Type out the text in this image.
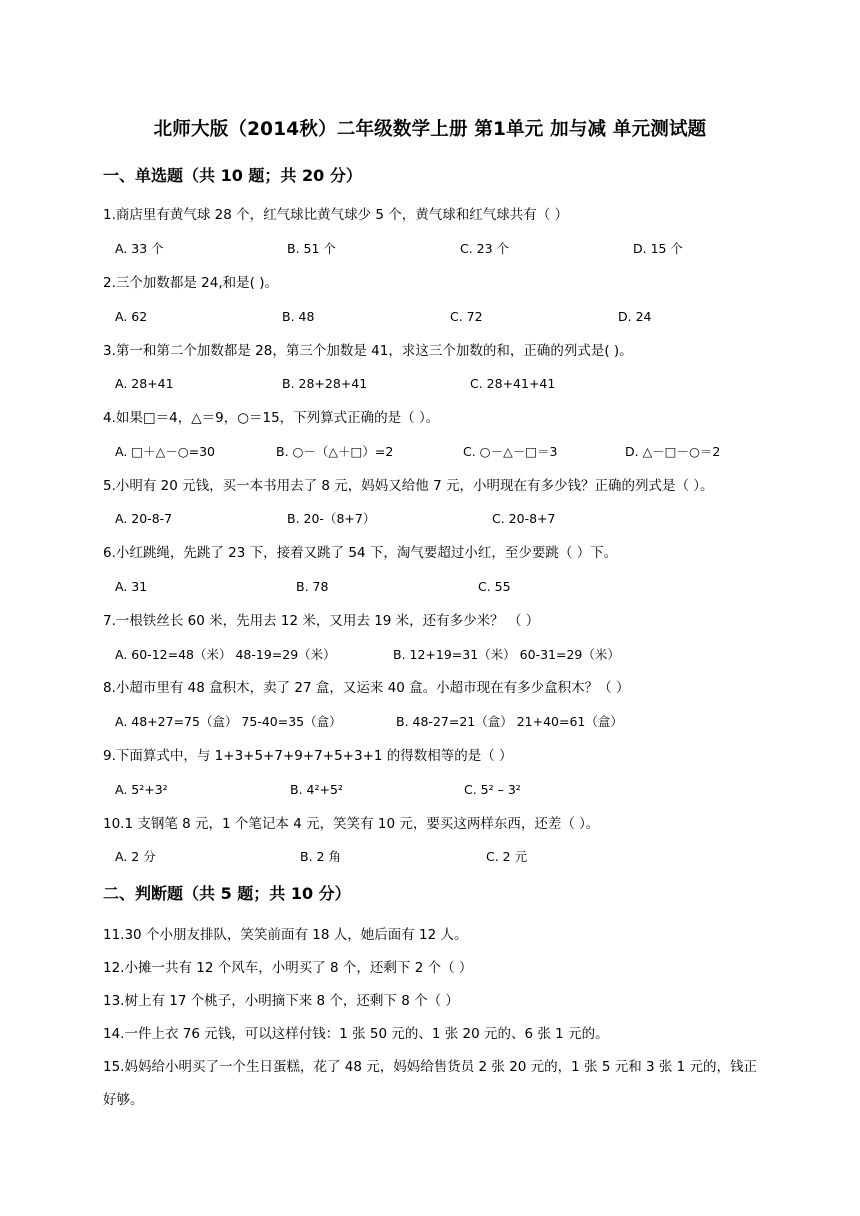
北师大版（2014秋）二年级数学上册 第1单元 加与减 单元测试题
一、单选题（共 10 题；共 20 分）
1.商店里有黄气球 28 个，红气球比黄气球少 5 个，黄气球和红气球共有（ ）
A. 33 个	B. 51 个	C. 23 个	D. 15 个
2.三个加数都是 24,和是( )。
A. 62	B. 48	C. 72	D. 24
3.第一和第二个加数都是 28，第三个加数是 41，求这三个加数的和，正确的列式是( )。
A. 28+41	B. 28+28+41	C. 28+41+41
4.如果□＝4，△＝9，○＝15，下列算式正确的是（ ）。
A. □＋△－○=30	B. ○－（△＋□）=2	C. ○－△－□＝3	D. △－□－○＝2
5.小明有 20 元钱，买一本书用去了 8 元，妈妈又给他 7 元，小明现在有多少钱？正确的列式是（ ）。
A. 20-8-7	B. 20-（8+7）	C. 20-8+7
6.小红跳绳，先跳了 23 下，接着又跳了 54 下，淘气要超过小红，至少要跳（ ）下。
A. 31	B. 78	C. 55
7.一根铁丝长 60 米，先用去 12 米，又用去 19 米，还有多少米？ （ ）
A. 60-12=48（米） 48-19=29（米）	B. 12+19=31（米） 60-31=29（米）
8.小超市里有 48 盒积木，卖了 27 盒，又运来 40 盒。小超市现在有多少盒积木？（ ）
A. 48+27=75（盒） 75-40=35（盒）	B. 48-27=21（盒） 21+40=61（盒）
9.下面算式中，与 1+3+5+7+9+7+5+3+1 的得数相等的是（ ）
A. 5²+3²	B. 4²+5²	C. 5² – 3²
10.1 支钢笔 8 元，1 个笔记本 4 元，笑笑有 10 元，要买这两样东西，还差（ ）。
A. 2 分	B. 2 角	C. 2 元
二、判断题（共 5 题；共 10 分）
11.30 个小朋友排队，笑笑前面有 18 人，她后面有 12 人。
12.小摊一共有 12 个风车，小明买了 8 个，还剩下 2 个（ ）
13.树上有 17 个桃子，小明摘下来 8 个，还剩下 8 个（ ）
14.一件上衣 76 元钱，可以这样付钱：1 张 50 元的、1 张 20 元的、6 张 1 元的。
15.妈妈给小明买了一个生日蛋糕，花了 48 元，妈妈给售货员 2 张 20 元的，1 张 5 元和 3 张 1 元的，钱正好够。
